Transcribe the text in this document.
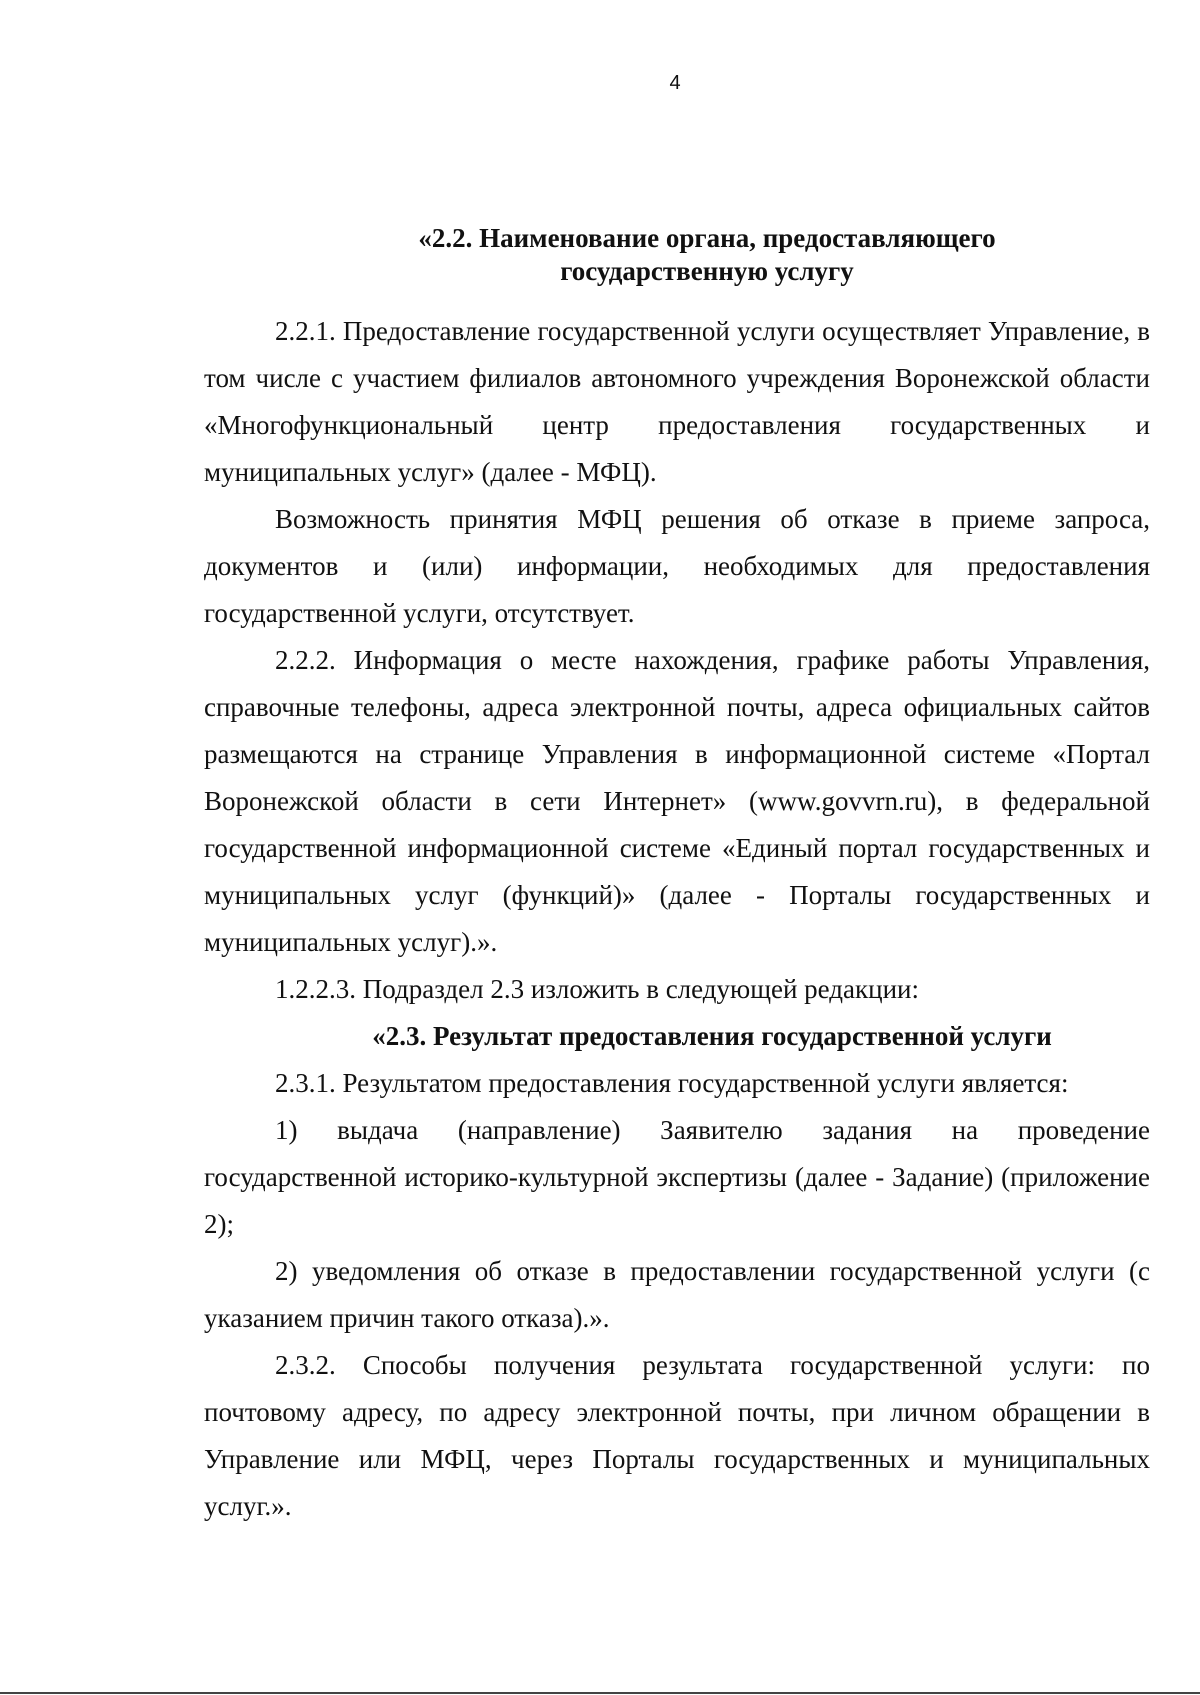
4
«2.2. Наименование органа, предоставляющего
государственную услугу

2.2.1. Предоставление государственной услуги осуществляет Управление, в том числе с участием филиалов автономного учреждения Воронежской области «Многофункциональный центр предоставления государственных и муниципальных услуг» (далее - МФЦ).

Возможность принятия МФЦ решения об отказе в приеме запроса, документов и (или) информации, необходимых для предоставления государственной услуги, отсутствует.

2.2.2. Информация о месте нахождения, графике работы Управления, справочные телефоны, адреса электронной почты, адреса официальных сайтов размещаются на странице Управления в информационной системе «Портал Воронежской области в сети Интернет» (www.govvrn.ru), в федеральной государственной информационной системе «Единый портал государственных и муниципальных услуг (функций)» (далее - Порталы государственных и муниципальных услуг).».

1.2.2.3. Подраздел 2.3 изложить в следующей редакции:

«2.3. Результат предоставления государственной услуги

2.3.1. Результатом предоставления государственной услуги является:

1) выдача (направление) Заявителю задания на проведение государственной историко-культурной экспертизы (далее - Задание) (приложение 2);

2) уведомления об отказе в предоставлении государственной услуги (с указанием причин такого отказа).».

2.3.2. Способы получения результата государственной услуги: по почтовому адресу, по адресу электронной почты, при личном обращении в Управление или МФЦ, через Порталы государственных и муниципальных услуг.».
